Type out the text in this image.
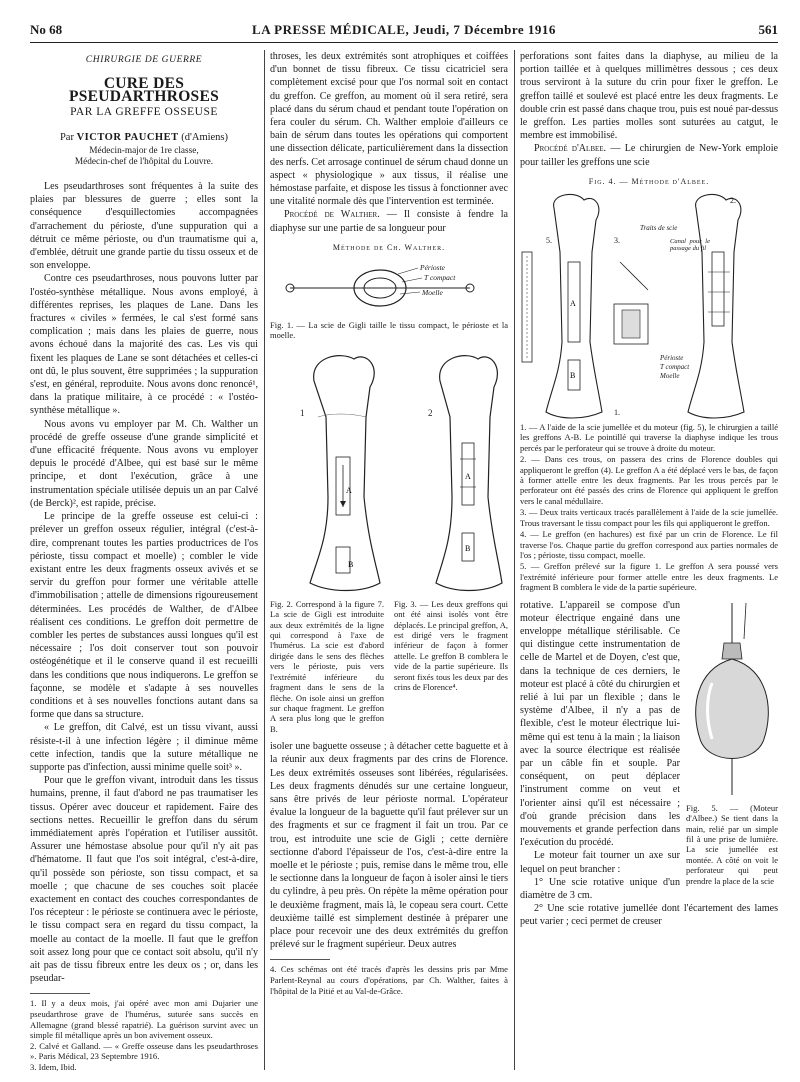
No 68	LA PRESSE MÉDICALE, Jeudi, 7 Décembre 1916	561
CHIRURGIE DE GUERRE
CURE DES PSEUDARTHROSES
PAR LA GREFFE OSSEUSE
Par VICTOR PAUCHET (d'Amiens)
Médecin-major de 1re classe,
Médecin-chef de l'hôpital du Louvre.

Les pseudarthroses sont fréquentes à la suite des plaies par blessures de guerre ; elles sont la conséquence d'esquillectomies accompagnées d'arrachement du périoste, d'une suppuration qui a détruit ce même périoste, ou d'un traumatisme qui a, d'emblée, détruit une grande partie du tissu osseux et de son enveloppe.

Contre ces pseudarthroses, nous pouvons lutter par l'ostéo-synthèse métallique. Nous avons employé, à différentes reprises, les plaques de Lane. Dans les fractures « civiles » fermées, le cal s'est formé sans complication ; mais dans les plaies de guerre, nous avons échoué dans la majorité des cas. Les vis qui fixent les plaques de Lane se sont détachées et celles-ci ont dû, le plus souvent, être supprimées ; la suppuration s'est, en général, reproduite. Nous avons donc renoncé¹, dans la pratique militaire, à ce procédé : « l'ostéo-synthèse métallique ».

Nous avons vu employer par M. Ch. Walther un procédé de greffe osseuse d'une grande simplicité et d'une efficacité fréquente. Nous avons vu employer depuis le procédé d'Albee, qui est basé sur le même principe, et dont l'exécution, grâce à une instrumentation spéciale utilisée depuis un an par Calvé (de Berck)², est rapide, précise.

Le principe de la greffe osseuse est celui-ci : prélever un greffon osseux régulier, intégral (c'est-à-dire, comprenant toutes les parties productrices de l'os périoste, tissu compact et moelle) ; combler le vide existant entre les deux fragments osseux avivés et se servir du greffon pour former une véritable attelle d'immobilisation ; attelle de dimensions rigoureusement déterminées. Les procédés de Walther, de d'Albee réalisent ces conditions. Le greffon doit permettre de combler les pertes de substances aussi longues qu'il est nécessaire ; l'os doit conserver tout son pouvoir ostéogénétique et il le conserve quand il est recueilli dans les conditions que nous indiquerons. Le greffon se façonne, se modèle et s'adapte à ses nouvelles conditions et à ses nouvelles fonctions autant dans sa forme que dans sa structure.

« Le greffon, dit Calvé, est un tissu vivant, aussi résiste-t-il à une infection légère ; il diminue même cette infection, tandis que la suture métallique ne supporte pas d'infection, aussi minime quelle soit³ ».

Pour que le greffon vivant, introduit dans les tissus humains, prenne, il faut d'abord ne pas traumatiser les tissus. Opérer avec douceur et rapidement. Faire des sections nettes. Recueillir le greffon dans du sérum immédiatement après l'opération et l'utiliser aussitôt. Assurer une hémostase absolue pour qu'il n'y ait pas d'hématome. Il faut que l'os soit intégral, c'est-à-dire, qu'il possède son périoste, son tissu compact, et sa moelle ; que chacune de ses couches soit placée exactement en contact des couches correspondantes de l'os récepteur : le périoste se continuera avec le périoste, le tissu compact sera en regard du tissu compact, la moelle au contact de la moelle. Il faut que le greffon soit assez long pour que ce contact soit absolu, qu'il n'y ait pas de tissu fibreux entre les deux os ; or, dans les pseudar-

1. Il y a deux mois, j'ai opéré avec mon ami Dujarier une pseudarthrose grave de l'humérus, suturée sans succès en Allemagne (grand blessé rapatrié). La guérison survint avec un simple fil métallique après un bon avivement osseux.

2. Calvé et Galland. — « Greffe osseuse dans les pseudarthroses ». Paris Médical, 23 Septembre 1916.

3. Idem, Ibid.

throses, les deux extrémités sont atrophiques et coiffées d'un bonnet de tissu fibreux. Ce tissu cicatriciel sera complètement excisé pour que l'os normal soit en contact du greffon. Ce greffon, au moment où il sera retiré, sera placé dans du sérum chaud et pendant toute l'opération on fera couler du sérum. Ch. Walther emploie d'ailleurs ce bain de sérum dans toutes les opérations qui comportent une dissection délicate, particulièrement dans la dissection des nerfs. Cet arrosage continuel de sérum chaud donne un aspect « physiologique » aux tissus, il réalise une hémostase parfaite, et dispose les tissus à fonctionner avec une vitalité normale dès que l'intervention est terminée.

Procédé de Walther. — Il consiste à fendre la diaphyse sur une partie de sa longueur pour

Méthode de Ch. Walther.
Périoste
T compact
Moelle

Fig. 1. — La scie de Gigli taille le tissu compact, le périoste et la moelle.

A
B
A
B
1	2

Fig. 2. Correspond à la figure 7. La scie de Gigli est introduite aux deux extrémités de la ligne qui correspond à l'axe de l'humérus. La scie est d'abord dirigée dans le sens des flèches vers le périoste, puis vers l'extrémité inférieure du fragment dans le sens de la flèche. On isole ainsi un greffon sur chaque fragment. Le greffon A sera plus long que le greffon B.

Fig. 3. — Les deux greffons qui ont été ainsi isolés vont être déplacés. Le principal greffon, A, est dirigé vers le fragment inférieur de façon à former attelle. Le greffon B comblera le vide de la partie supérieure. Ils seront fixés tous les deux par des crins de Florence⁴.

isoler une baguette osseuse ; à détacher cette baguette et à la réunir aux deux fragments par des crins de Florence. Les deux extrémités osseuses sont libérées, régularisées. Les deux fragments dénudés sur une certaine longueur, sans être privés de leur périoste normal. L'opérateur évalue la longueur de la baguette qu'il faut prélever sur un des fragments et sur ce fragment il fait un trou. Par ce trou, est introduite une scie de Gigli ; cette dernière sectionne d'abord l'épaisseur de l'os, c'est-à-dire entre la moelle et le périoste ; puis, remise dans le même trou, elle le sectionne dans la longueur de façon à isoler ainsi le tiers du cylindre, à peu près. On répète la même opération pour le deuxième fragment, mais là, le copeau sera court. Cette deuxième taillé est simplement destinée à préparer une place pour recevoir une des deux extrémités du greffon prélevé sur le fragment supérieur. Deux autres

4. Ces schémas ont été tracés d'après les dessins pris par Mme Parlent-Reynal au cours d'opérations, par Ch. Walther, faites à l'hôpital de la Pitié et au Val-de-Grâce.

perforations sont faites dans la diaphyse, au milieu de la portion taillée et à quelques millimètres dessous ; ces deux trous serviront à la suture du crin pour fixer le greffon. Le greffon taillé et soulevé est placé entre les deux fragments. Le double crin est passé dans chaque trou, puis est noué par-dessus le greffon. Les parties molles sont suturées au catgut, le membre est immobilisé.

Procédé d'Albee. — Le chirurgien de New-York emploie pour tailler les greffons une scie

Fig. 4. — Méthode d'Albee.
A
B
2.
5.	3.
Traits de scie
Canal pour le passage du fil
Périoste
T compact
Moelle
1.
1. — A l'aide de la scie jumellée et du moteur (fig. 5), le chirurgien a taillé les greffons A-B. Le pointillé qui traverse la diaphyse indique les trous percés par le perforateur qui se trouve à droite du moteur.
2. — Dans ces trous, on passera des crins de Florence doubles qui appliqueront le greffon (4). Le greffon A a été déplacé vers le bas, de façon à former attelle entre les deux fragments. Par les trous percés par le perforateur ont été passés des crins de Florence qui appliquent le greffon vers le canal médullaire.
3. — Deux traits verticaux tracés parallèlement à l'aide de la scie jumellée. Trous traversant le tissu compact pour les fils qui appliqueront le greffon.
4. — Le greffon (en hachures) est fixé par un crin de Florence. Le fil traverse l'os. Chaque partie du greffon correspond aux parties normales de l'os ; périoste, tissu compact, moelle.
5. — Greffon prélevé sur la figure 1. Le greffon A sera poussé vers l'extrémité inférieure pour former attelle entre les deux fragments. Le fragment B comblera le vide de la partie supérieure.

Fig. 5. — (Moteur d'Albee.) Se tient dans la main, relié par un simple fil à une prise de lumière. La scie jumellée est montée. A côté on voit le perforateur qui peut prendre la place de la scie

rotative. L'appareil se compose d'un moteur électrique engainé dans une enveloppe métallique stérilisable. Ce qui distingue cette instrumentation de celle de Martel et de Doyen, c'est que, dans la technique de ces derniers, le moteur est placé à côté du chirurgien et relié à lui par un flexible ; dans le système d'Albee, il n'y a pas de flexible, c'est le moteur électrique lui-même qui est tenu à la main ; la liaison avec la source électrique est réalisée par un câble fin et souple. Par conséquent, on peut déplacer l'instrument comme on veut et l'orienter ainsi qu'il est nécessaire ; d'où grande précision dans les mouvements et grande perfection dans l'exécution du procédé.

Le moteur fait tourner un axe sur lequel on peut brancher :

1° Une scie rotative unique d'un diamètre de 3 cm.

2° Une scie rotative jumellée dont l'écartement des lames peut varier ; ceci permet de creuser
